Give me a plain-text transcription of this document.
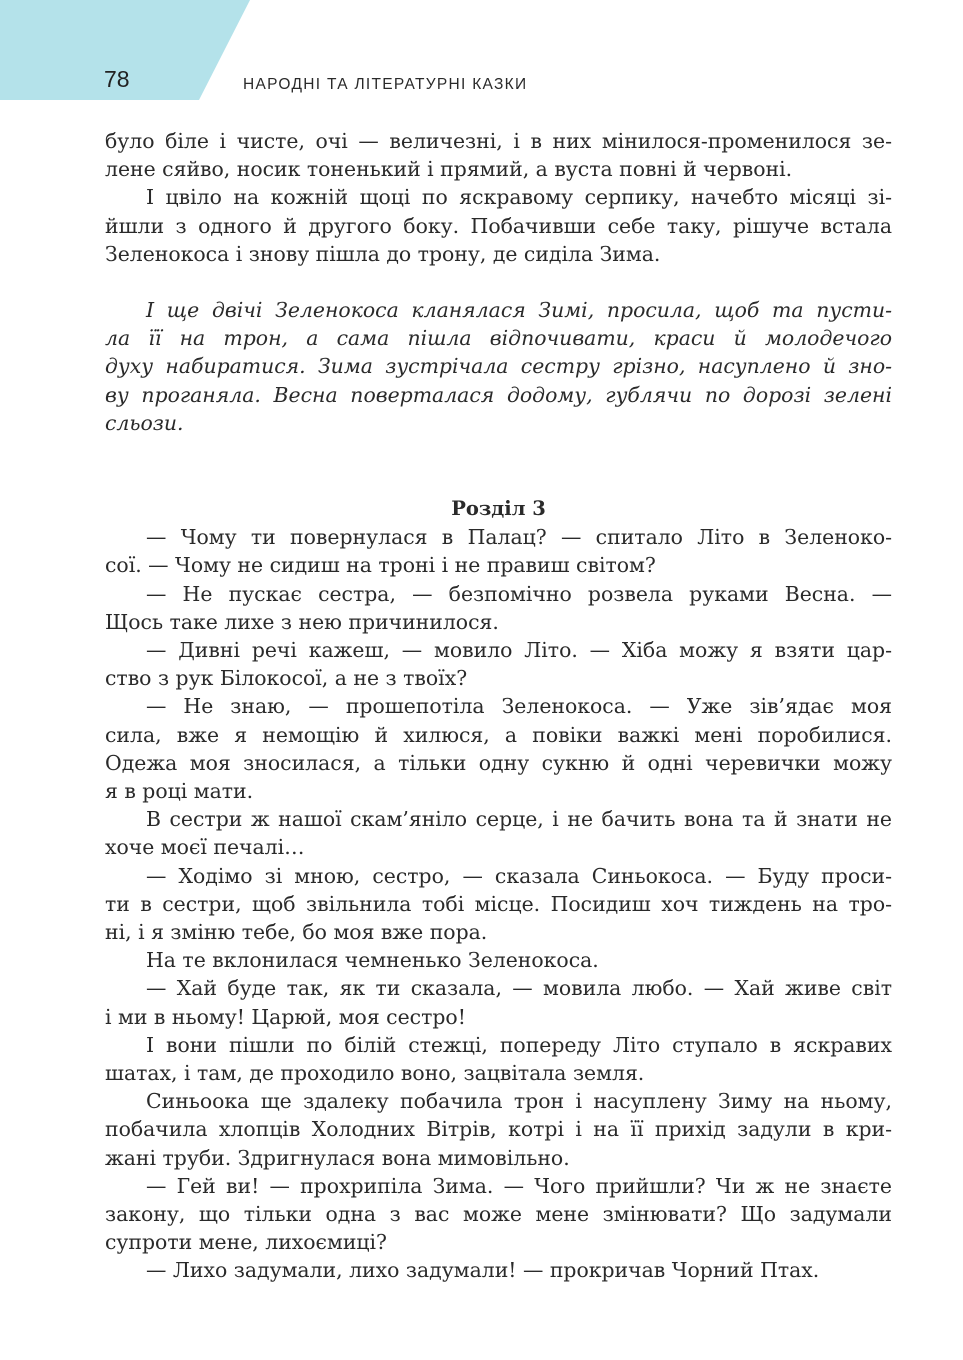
78	НАРОДНІ ТА ЛІТЕРАТУРНІ КАЗКИ
було біле і чисте, очі — величезні, і в них мінилося-променилося зе-
лене сяйво, носик тоненький і прямий, а вуста повні й червоні.
І цвіло на кожній щоці по яскравому серпику, начебто місяці зі-
йшли з одного й другого боку. Побачивши себе таку, рішуче встала
Зеленокоса і знову пішла до трону, де сиділа Зима.
І ще двічі Зеленокоса кланялася Зимі, просила, щоб та пусти-
ла її на трон, а сама пішла відпочивати, краси й молодечого
духу набиратися. Зима зустрічала сестру грізно, насуплено й зно-
ву проганяла. Весна поверталася додому, гублячи по дорозі зелені
сльози.
Розділ 3
— Чому ти повернулася в Палац? — спитало Літо в Зеленоко-
сої. — Чому не сидиш на троні і не правиш світом?
— Не пускає сестра, — безпомічно розвела руками Весна. —
Щось таке лихе з нею причинилося.
— Дивні речі кажеш, — мовило Літо. — Хіба можу я взяти цар-
ство з рук Білокосої, а не з твоїх?
— Не знаю, — прошепотіла Зеленокоса. — Уже зів’ядає моя
сила, вже я немощію й хилюся, а повіки важкі мені поробилися.
Одежа моя зносилася, а тільки одну сукню й одні черевички можу
я в році мати.
В сестри ж нашої скам’яніло серце, і не бачить вона та й знати не
хоче моєї печалі…
— Ходімо зі мною, сестро, — сказала Синьокоса. — Буду проси-
ти в сестри, щоб звільнила тобі місце. Посидиш хоч тиждень на тро-
ні, і я зміню тебе, бо моя вже пора.
На те вклонилася чемненько Зеленокоса.
— Хай буде так, як ти сказала, — мовила любо. — Хай живе світ
і ми в ньому! Царюй, моя сестро!
І вони пішли по білій стежці, попереду Літо ступало в яскравих
шатах, і там, де проходило воно, зацвітала земля.
Синьоока ще здалеку побачила трон і насуплену Зиму на ньому,
побачила хлопців Холодних Вітрів, котрі і на її прихід задули в кри-
жані труби. Здригнулася вона мимовільно.
— Гей ви! — прохрипіла Зима. — Чого прийшли? Чи ж не знаєте
закону, що тільки одна з вас може мене змінювати? Що задумали
супроти мене, лихоємиці?
— Лихо задумали, лихо задумали! — прокричав Чорний Птах.
